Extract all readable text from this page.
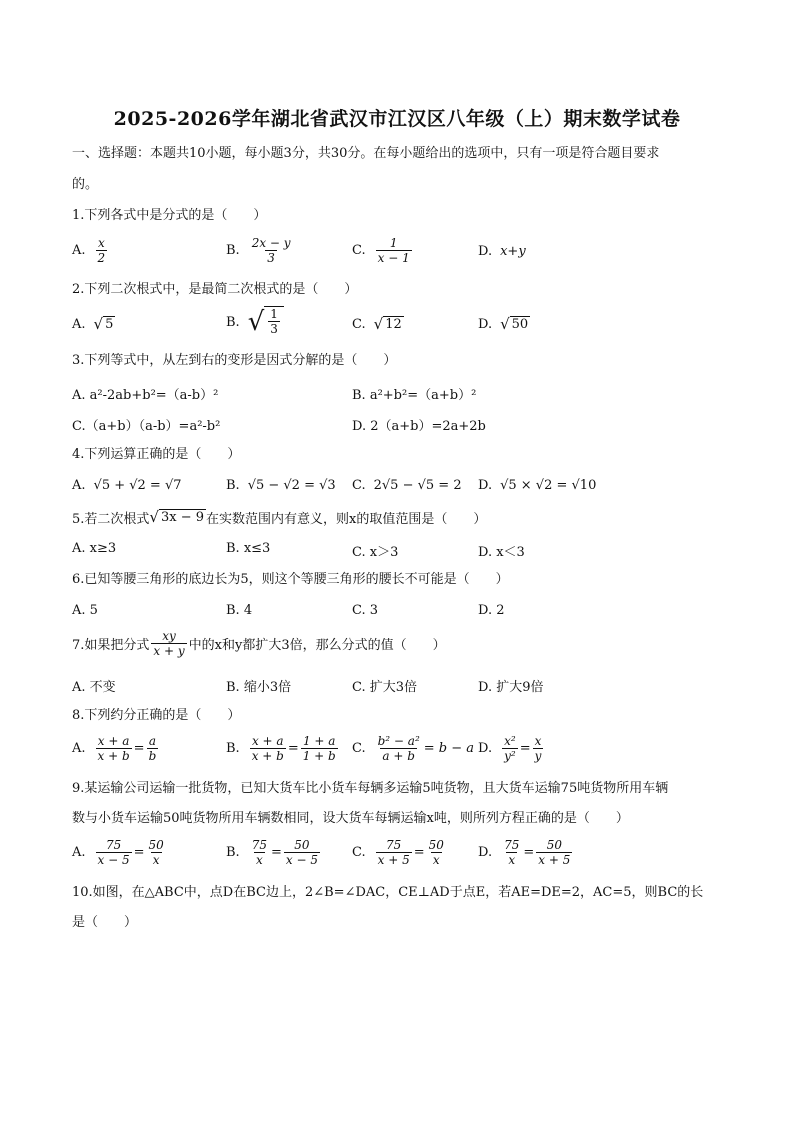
2025-2026学年湖北省武汉市江汉区八年级（上）期末数学试卷
一、选择题：本题共10小题，每小题3分，共30分。在每小题给出的选项中，只有一项是符合题目要求
的。
1.下列各式中是分式的是（　　）
A. $\frac{x}{2}$	B. $\frac{2x - y}{3}$	C. $\frac{1}{x - 1}$	D. x+y
2.下列二次根式中，是最简二次根式的是（　　）
A. √ 5	B. √ $\frac{1}{3}$	C. √ 12	D. √ 50
3.下列等式中，从左到右的变形是因式分解的是（　　）
A. a²-2ab+b²=（a-b）²	B. a²+b²=（a+b）²
C.（a+b）（a-b）=a²-b²	D. 2（a+b）=2a+2b
4.下列运算正确的是（　　）
A. √5 + √2 = √7	B. √5 − √2 = √3 C. 2√5 − √5 = 2 D. √5 × √2 = √10
5.若二次根式 √ 3x − 9 在实数范围内有意义，则x的取值范围是（　　）
A. x≥3	B. x≤3	C. x＞3	D. x＜3
6.已知等腰三角形的底边长为5，则这个等腰三角形的腰长不可能是（　　）
A. 5	B. 4	C. 3	D. 2
7.如果把分式 $\frac{xy}{x + y}$ 中的x和y都扩大3倍，那么分式的值（　　）
A. 不变	B. 缩小3倍	C. 扩大3倍	D. 扩大9倍
8.下列约分正确的是（　　）
A. $\frac{x + a}{x + b} = \frac{a}{b}$	B. $\frac{x + a}{x + b} = \frac{1 + a}{1 + b} C$. $\frac{\text{b² − a²}}{a + b} = b - a$ D. $\frac{\text{x²}}{\text{y²}} = \frac{x}{y}$
9.某运输公司运输一批货物，已知大货车比小货车每辆多运输5吨货物，且大货车运输75吨货物所用车辆
数与小货车运输50吨货物所用车辆数相同，设大货车每辆运输x吨，则所列方程正确的是（　　）
A. $\frac{75}{x - 5} = \frac{50}{x}$	B. $\frac{75}{x} = \frac{50}{x - 5} C$. $\frac{75}{x + 5} = \frac{50}{x} D$. $\frac{75}{x} = \frac{50}{x + 5}$
10.如图，在△ABC中，点D在BC边上，2∠B=∠DAC，CE⊥AD于点E，若AE=DE=2，AC=5，则BC的长
是（　　）
